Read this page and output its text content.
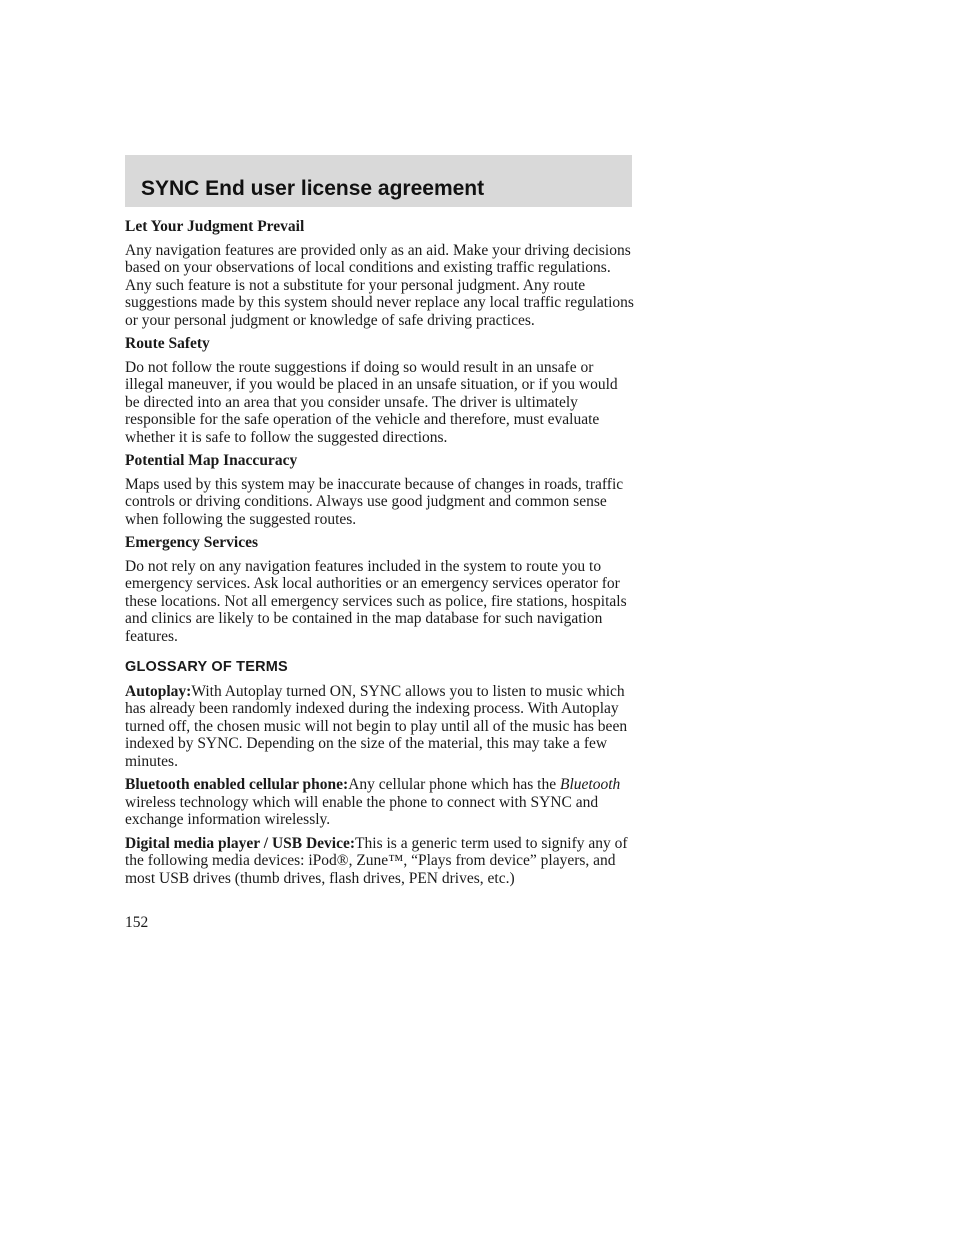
SYNC End user license agreement
Let Your Judgment Prevail

Any navigation features are provided only as an aid. Make your driving decisions based on your observations of local conditions and existing traffic regulations. Any such feature is not a substitute for your personal judgment. Any route suggestions made by this system should never replace any local traffic regulations or your personal judgment or knowledge of safe driving practices.

Route Safety

Do not follow the route suggestions if doing so would result in an unsafe or illegal maneuver, if you would be placed in an unsafe situation, or if you would be directed into an area that you consider unsafe. The driver is ultimately responsible for the safe operation of the vehicle and therefore, must evaluate whether it is safe to follow the suggested directions.

Potential Map Inaccuracy

Maps used by this system may be inaccurate because of changes in roads, traffic controls or driving conditions. Always use good judgment and common sense when following the suggested routes.

Emergency Services

Do not rely on any navigation features included in the system to route you to emergency services. Ask local authorities or an emergency services operator for these locations. Not all emergency services such as police, fire stations, hospitals and clinics are likely to be contained in the map database for such navigation features.

GLOSSARY OF TERMS

Autoplay:With Autoplay turned ON, SYNC allows you to listen to music which has already been randomly indexed during the indexing process. With Autoplay turned off, the chosen music will not begin to play until all of the music has been indexed by SYNC. Depending on the size of the material, this may take a few minutes.

Bluetooth enabled cellular phone:Any cellular phone which has the Bluetooth wireless technology which will enable the phone to connect with SYNC and exchange information wirelessly.

Digital media player / USB Device:This is a generic term used to signify any of the following media devices: iPod®, Zune™, “Plays from device” players, and most USB drives (thumb drives, flash drives, PEN drives, etc.)

152
